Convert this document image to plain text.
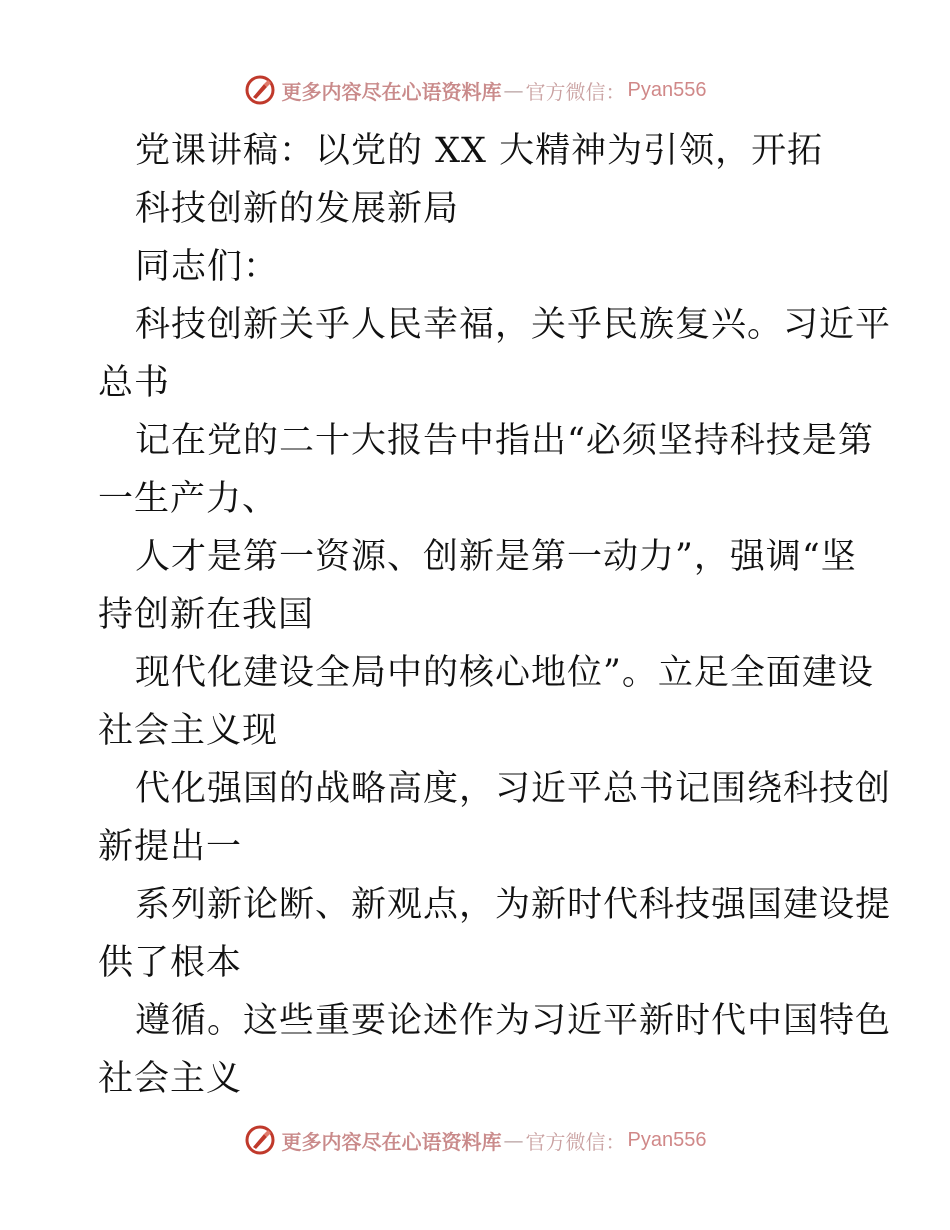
更多内容尽在心语资料库 — 官方微信： Pyan556
党课讲稿：以党的 XX 大精神为引领，开拓
科技创新的发展新局
同志们：
科技创新关乎人民幸福，关乎民族复兴。习近平
总书
记在党的二十大报告中指出“必须坚持科技是第
一生产力、
人才是第一资源、创新是第一动力”，强调“坚
持创新在我国
现代化建设全局中的核心地位”。立足全面建设
社会主义现
代化强国的战略高度，习近平总书记围绕科技创
新提出一
系列新论断、新观点，为新时代科技强国建设提
供了根本
遵循。这些重要论述作为习近平新时代中国特色
社会主义
更多内容尽在心语资料库 — 官方微信： Pyan556
